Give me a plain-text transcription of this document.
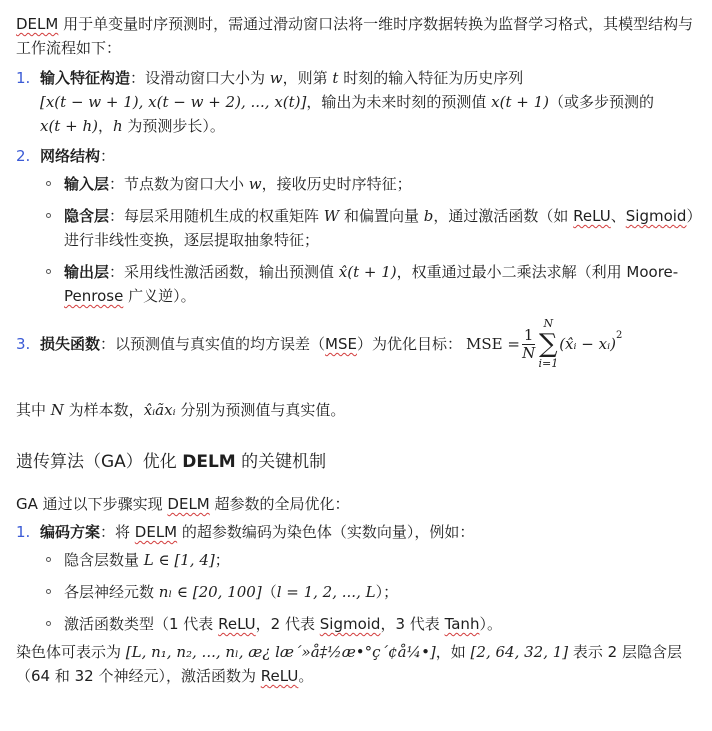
DELM 用于单变量时序预测时，需通过滑动窗口法将一维时序数据转换为监督学习格式，其模型结构与工作流程如下：

1. 输入特征构造：设滑动窗口大小为 w，则第 t 时刻的输入特征为历史序列
[x(t − w + 1), x(t − w + 2), ..., x(t)]，输出为未来时刻的预测值 x(t + 1)（或多步预测的
x(t + h)，h 为预测步长）。
2. 网络结构：
输入层：节点数为窗口大小 w，接收历史时序特征；
隐含层：每层采用随机生成的权重矩阵 W 和偏置向量 b，通过激活函数（如 ReLU、Sigmoid）进行非线性变换，逐层提取抽象特征；
输出层：采用线性激活函数，输出预测值 x̂(t + 1)，权重通过最小二乘法求解（利用 Moore-Penrose 广义逆）。
3. 损失函数 ：以预测值与真实值的均方误差（ MSE ）为优化目标： MSE = $\frac{1}{N}$
N
∑
i=1
(x̂ᵢ − xᵢ)$^2$

其中 N 为样本数，x̂ᵢãxᵢ 分别为预测值与真实值。

遗传算法（GA）优化 DELM 的关键机制

GA 通过以下步骤实现 DELM 超参数的全局优化：

1. 编码方案：将 DELM 的超参数编码为染色体（实数向量），例如：
隐含层数量 L ∈ [1, 4]；
各层神经元数 nₗ ∈ [20, 100]（l = 1, 2, ..., L）；
激活函数类型（1 代表 ReLU，2 代表 Sigmoid，3 代表 Tanh）。

染色体可表示为 [L, n₁, n₂, ..., nₗ, æ¿ læ´»å‡½æ•°ç´¢å¼•]，如 [2, 64, 32, 1] 表示 2 层隐含层（64 和 32 个神经元），激活函数为 ReLU。
